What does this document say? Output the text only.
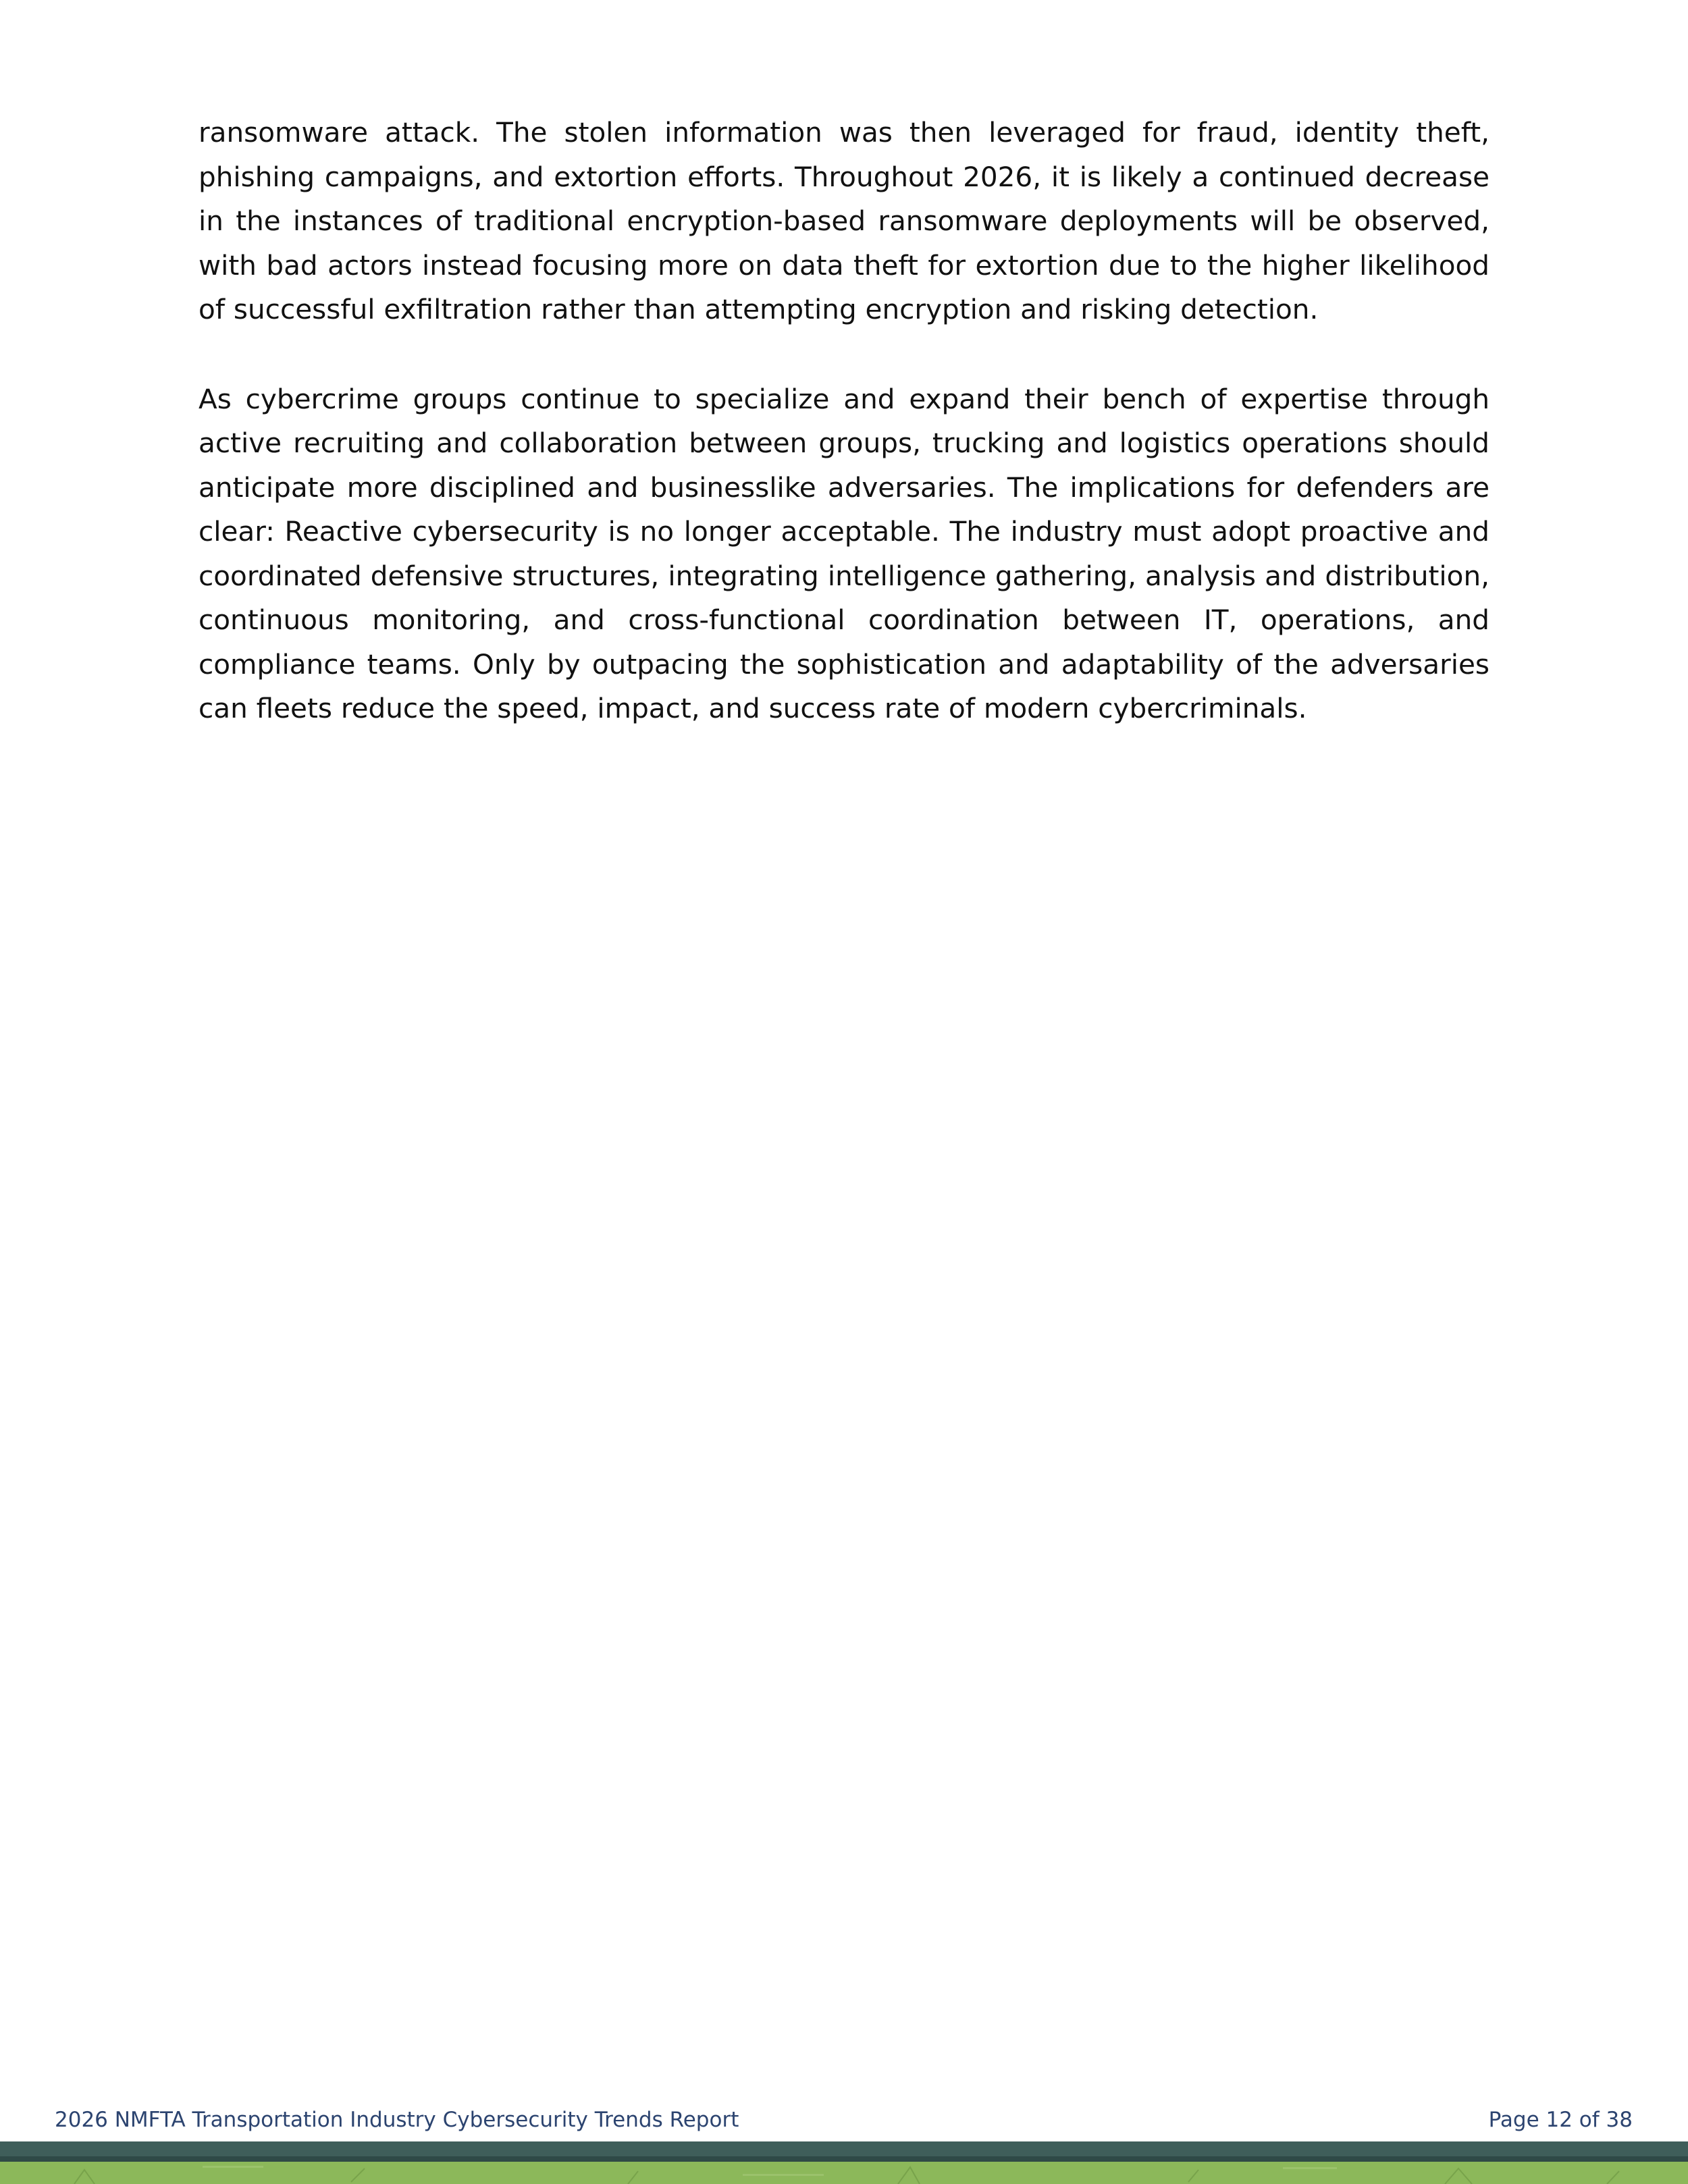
ransomware attack. The stolen information was then leveraged for fraud, identity theft, phishing campaigns, and extortion efforts. Throughout 2026, it is likely a continued decrease in the instances of traditional encryption-based ransomware deployments will be observed, with bad actors instead focusing more on data theft for extortion due to the higher likelihood of successful exfiltration rather than attempting encryption and risking detection.

As cybercrime groups continue to specialize and expand their bench of expertise through active recruiting and collaboration between groups, trucking and logistics operations should anticipate more disciplined and businesslike adversaries. The implications for defenders are clear: Reactive cybersecurity is no longer acceptable. The industry must adopt proactive and coordinated defensive structures, integrating intelligence gathering, analysis and distribution, continuous monitoring, and cross-functional coordination between IT, operations, and compliance teams. Only by outpacing the sophistication and adaptability of the adversaries can fleets reduce the speed, impact, and success rate of modern cybercriminals.

2026 NMFTA Transportation Industry Cybersecurity Trends Report	Page 12 of 38
